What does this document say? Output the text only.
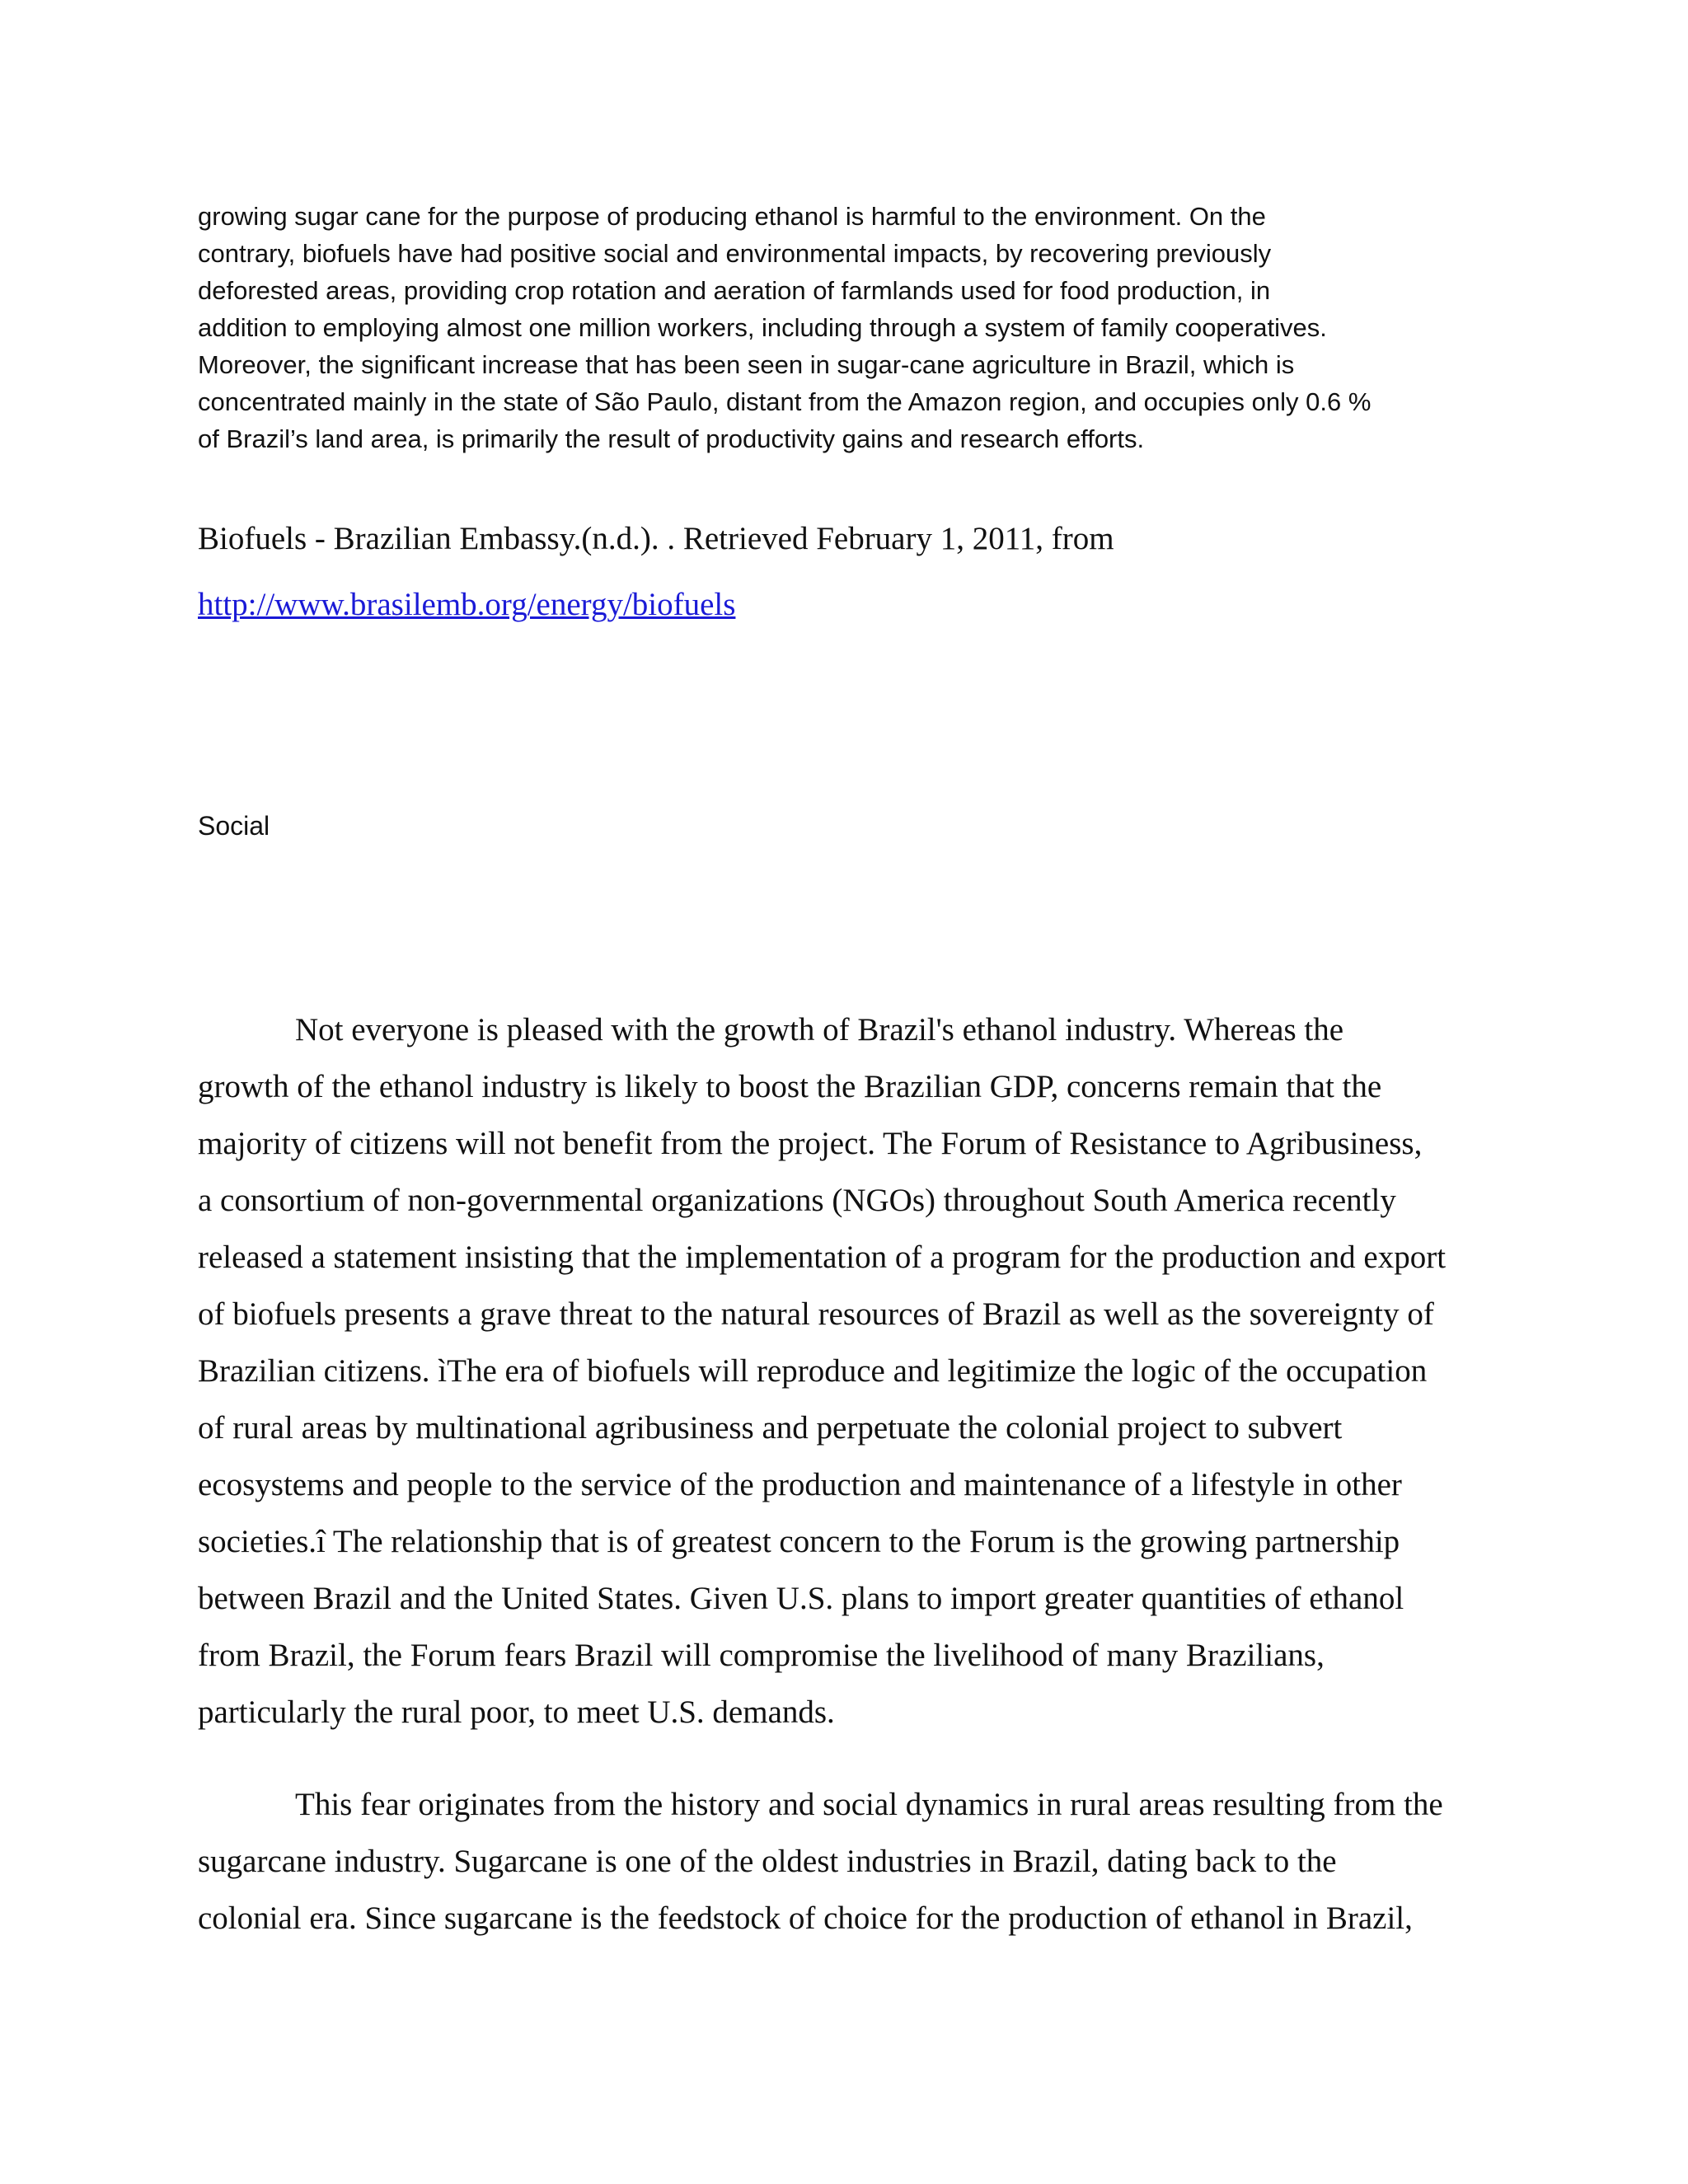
growing sugar cane for the purpose of producing ethanol is harmful to the environment. On the
contrary, biofuels have had positive social and environmental impacts, by recovering previously
deforested areas, providing crop rotation and aeration of farmlands used for food production, in
addition to employing almost one million workers, including through a system of family cooperatives.
Moreover, the significant increase that has been seen in sugar-cane agriculture in Brazil, which is
concentrated mainly in the state of São Paulo, distant from the Amazon region, and occupies only 0.6 %
of Brazil’s land area, is primarily the result of productivity gains and research efforts.
Biofuels - Brazilian Embassy.(n.d.). . Retrieved February 1, 2011, from
http://www.brasilemb.org/energy/biofuels
Social
Not everyone is pleased with the growth of Brazil's ethanol industry. Whereas the
growth of the ethanol industry is likely to boost the Brazilian GDP, concerns remain that the
majority of citizens will not benefit from the project. The Forum of Resistance to Agribusiness,
a consortium of non-governmental organizations (NGOs) throughout South America recently
released a statement insisting that the implementation of a program for the production and export
of biofuels presents a grave threat to the natural resources of Brazil as well as the sovereignty of
Brazilian citizens. ìThe era of biofuels will reproduce and legitimize the logic of the occupation
of rural areas by multinational agribusiness and perpetuate the colonial project to subvert
ecosystems and people to the service of the production and maintenance of a lifestyle in other
societies.î The relationship that is of greatest concern to the Forum is the growing partnership
between Brazil and the United States. Given U.S. plans to import greater quantities of ethanol
from Brazil, the Forum fears Brazil will compromise the livelihood of many Brazilians,
particularly the rural poor, to meet U.S. demands.
This fear originates from the history and social dynamics in rural areas resulting from the
sugarcane industry. Sugarcane is one of the oldest industries in Brazil, dating back to the
colonial era. Since sugarcane is the feedstock of choice for the production of ethanol in Brazil,
